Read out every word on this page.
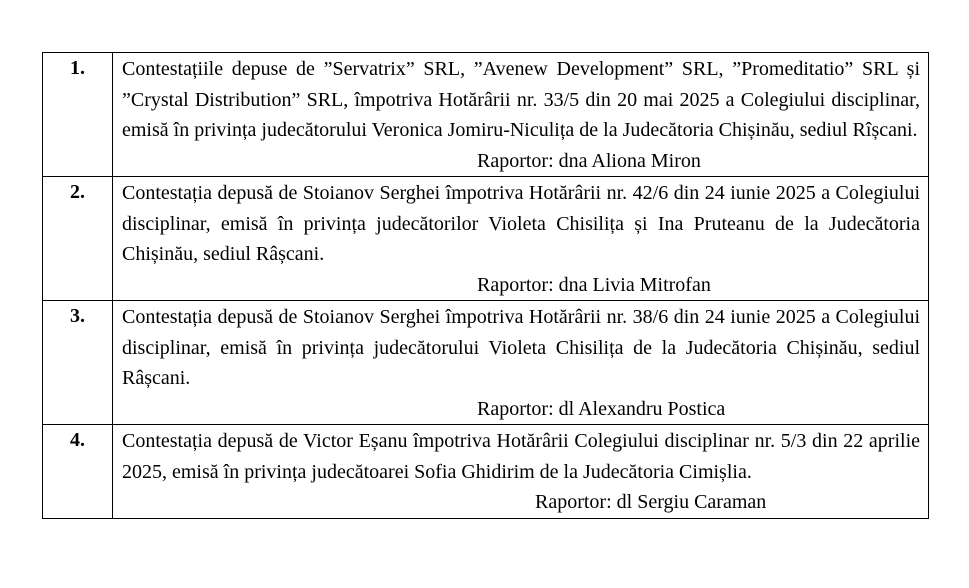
1.	Contestațiile depuse de ”Servatrix” SRL, ”Avenew Development” SRL, ”Promeditatio” SRL și ”Crystal Distribution” SRL, împotriva Hotărârii nr. 33/5 din 20 mai 2025 a Colegiului disciplinar, emisă în privința judecătorului Veronica Jomiru-Niculița de la Judecătoria Chișinău, sediul Rîșcani.

Raportor: dna Aliona Miron

2.	Contestația depusă de Stoianov Serghei împotriva Hotărârii nr. 42/6 din 24 iunie 2025 a Colegiului disciplinar, emisă în privința judecătorilor Violeta Chisilița și Ina Pruteanu de la Judecătoria Chișinău, sediul Râșcani.

Raportor: dna Livia Mitrofan

3.	Contestația depusă de Stoianov Serghei împotriva Hotărârii nr. 38/6 din 24 iunie 2025 a Colegiului disciplinar, emisă în privința judecătorului Violeta Chisilița de la Judecătoria Chișinău, sediul Râșcani.

Raportor: dl Alexandru Postica

4.	Contestația depusă de Victor Eșanu împotriva Hotărârii Colegiului disciplinar nr. 5/3 din 22 aprilie 2025, emisă în privința judecătoarei Sofia Ghidirim de la Judecătoria Cimișlia.

Raportor: dl Sergiu Caraman
